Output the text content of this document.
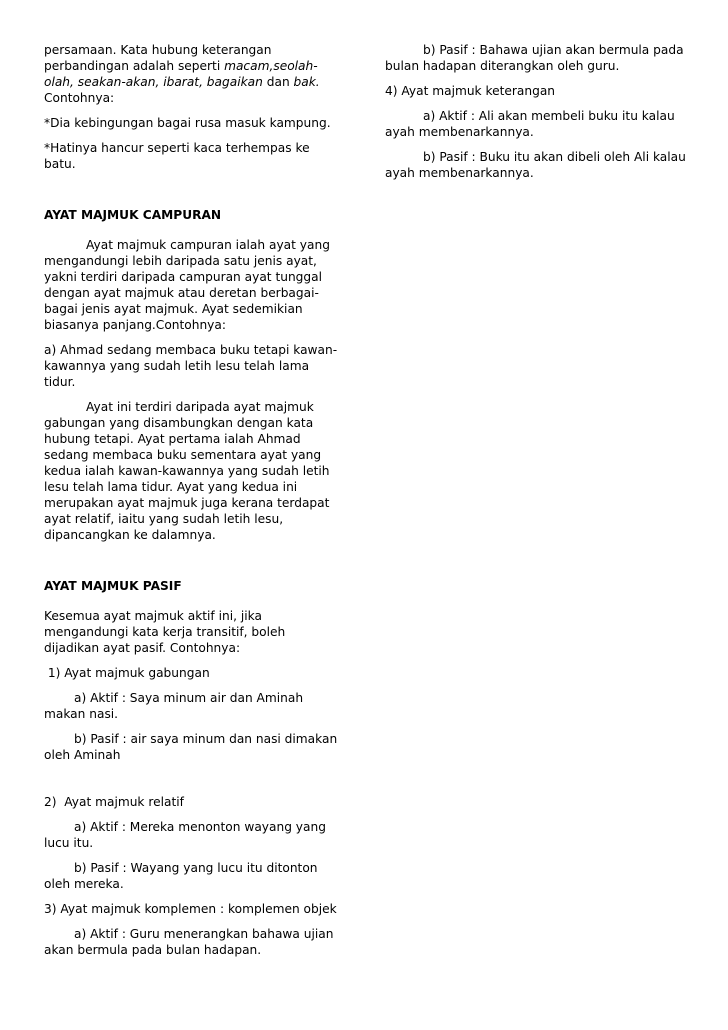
persamaan. Kata hubung keterangan perbandingan adalah seperti macam,seolah-olah, seakan-akan, ibarat, bagaikan dan bak. Contohnya:

*Dia kebingungan bagai rusa masuk kampung.

*Hatinya hancur seperti kaca terhempas ke batu.

AYAT MAJMUK CAMPURAN

Ayat majmuk campuran ialah ayat yang mengandungi lebih daripada satu jenis ayat, yakni terdiri daripada campuran ayat tunggal dengan ayat majmuk atau deretan berbagai-bagai jenis ayat majmuk. Ayat sedemikian biasanya panjang.Contohnya:

a) Ahmad sedang membaca buku tetapi kawan-kawannya yang sudah letih lesu telah lama tidur.

Ayat ini terdiri daripada ayat majmuk gabungan yang disambungkan dengan kata hubung tetapi. Ayat pertama ialah Ahmad sedang membaca buku sementara ayat yang kedua ialah kawan-kawannya yang sudah letih lesu telah lama tidur. Ayat yang kedua ini merupakan ayat majmuk juga kerana terdapat ayat relatif, iaitu yang sudah letih lesu, dipancangkan ke dalamnya.

AYAT MAJMUK PASIF

Kesemua ayat majmuk aktif ini, jika mengandungi kata kerja transitif, boleh dijadikan ayat pasif. Contohnya:

1) Ayat majmuk gabungan

a) Aktif : Saya minum air dan Aminah makan nasi.

b) Pasif : air saya minum dan nasi dimakan oleh Aminah

2)  Ayat majmuk relatif

a) Aktif : Mereka menonton wayang yang lucu itu.

b) Pasif : Wayang yang lucu itu ditonton oleh mereka.

3) Ayat majmuk komplemen : komplemen objek

a) Aktif : Guru menerangkan bahawa ujian akan bermula pada bulan hadapan.

b) Pasif : Bahawa ujian akan bermula pada bulan hadapan diterangkan oleh guru.

4) Ayat majmuk keterangan

a) Aktif : Ali akan membeli buku itu kalau ayah membenarkannya.

b) Pasif : Buku itu akan dibeli oleh Ali kalau ayah membenarkannya.
